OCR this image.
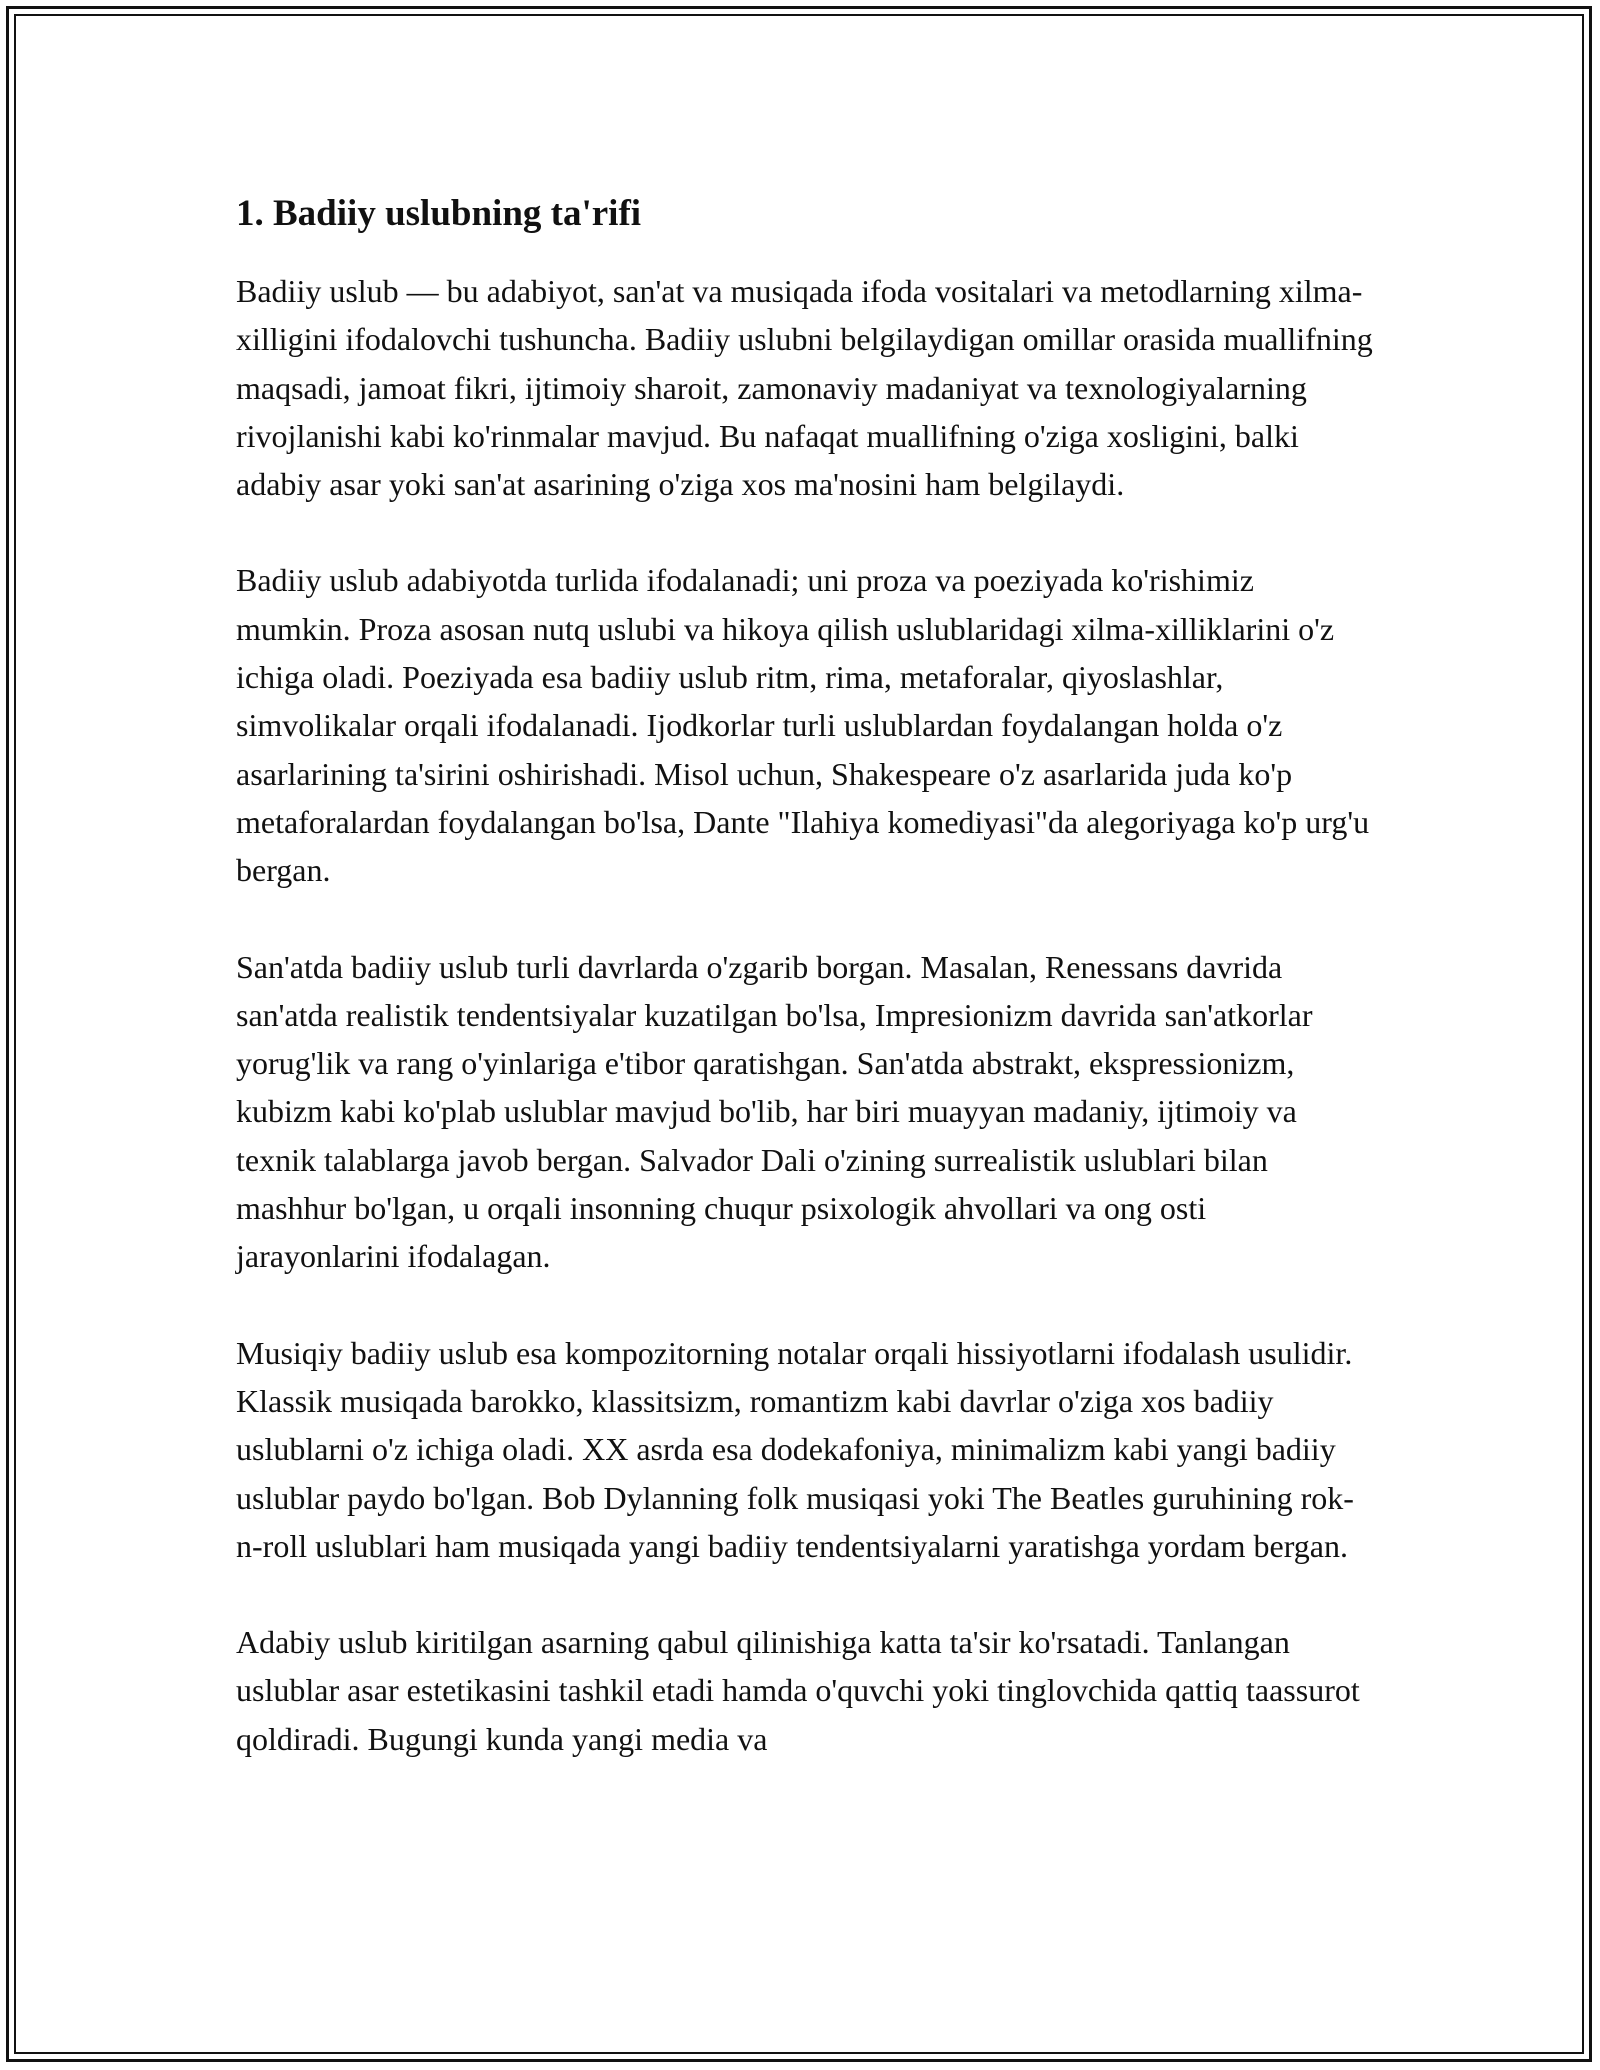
1. Badiiy uslubning ta'rifi

Badiiy uslub — bu adabiyot, san'at va musiqada ifoda vositalari va metodlarning xilma-xilligini ifodalovchi tushuncha. Badiiy uslubni belgilaydigan omillar orasida muallifning maqsadi, jamoat fikri, ijtimoiy sharoit, zamonaviy madaniyat va texnologiyalarning rivojlanishi kabi ko'rinmalar mavjud. Bu nafaqat muallifning o'ziga xosligini, balki adabiy asar yoki san'at asarining o'ziga xos ma'nosini ham belgilaydi.

Badiiy uslub adabiyotda turlida ifodalanadi; uni proza va poeziyada ko'rishimiz mumkin. Proza asosan nutq uslubi va hikoya qilish uslublaridagi xilma-xilliklarini o'z ichiga oladi. Poeziyada esa badiiy uslub ritm, rima, metaforalar, qiyoslashlar, simvolikalar orqali ifodalanadi. Ijodkorlar turli uslublardan foydalangan holda o'z asarlarining ta'sirini oshirishadi. Misol uchun, Shakespeare o'z asarlarida juda ko'p metaforalardan foydalangan bo'lsa, Dante "Ilahiya komediyasi"da alegoriyaga ko'p urg'u bergan.

San'atda badiiy uslub turli davrlarda o'zgarib borgan. Masalan, Renessans davrida san'atda realistik tendentsiyalar kuzatilgan bo'lsa, Impresionizm davrida san'atkorlar yorug'lik va rang o'yinlariga e'tibor qaratishgan. San'atda abstrakt, ekspressionizm, kubizm kabi ko'plab uslublar mavjud bo'lib, har biri muayyan madaniy, ijtimoiy va texnik talablarga javob bergan. Salvador Dali o'zining surrealistik uslublari bilan mashhur bo'lgan, u orqali insonning chuqur psixologik ahvollari va ong osti jarayonlarini ifodalagan.

Musiqiy badiiy uslub esa kompozitorning notalar orqali hissiyotlarni ifodalash usulidir. Klassik musiqada barokko, klassitsizm, romantizm kabi davrlar o'ziga xos badiiy uslublarni o'z ichiga oladi. XX asrda esa dodekafoniya, minimalizm kabi yangi badiiy uslublar paydo bo'lgan. Bob Dylanning folk musiqasi yoki The Beatles guruhining rok-n-roll uslublari ham musiqada yangi badiiy tendentsiyalarni yaratishga yordam bergan.

Adabiy uslub kiritilgan asarning qabul qilinishiga katta ta'sir ko'rsatadi. Tanlangan uslublar asar estetikasini tashkil etadi hamda o'quvchi yoki tinglovchida qattiq taassurot qoldiradi. Bugungi kunda yangi media va
